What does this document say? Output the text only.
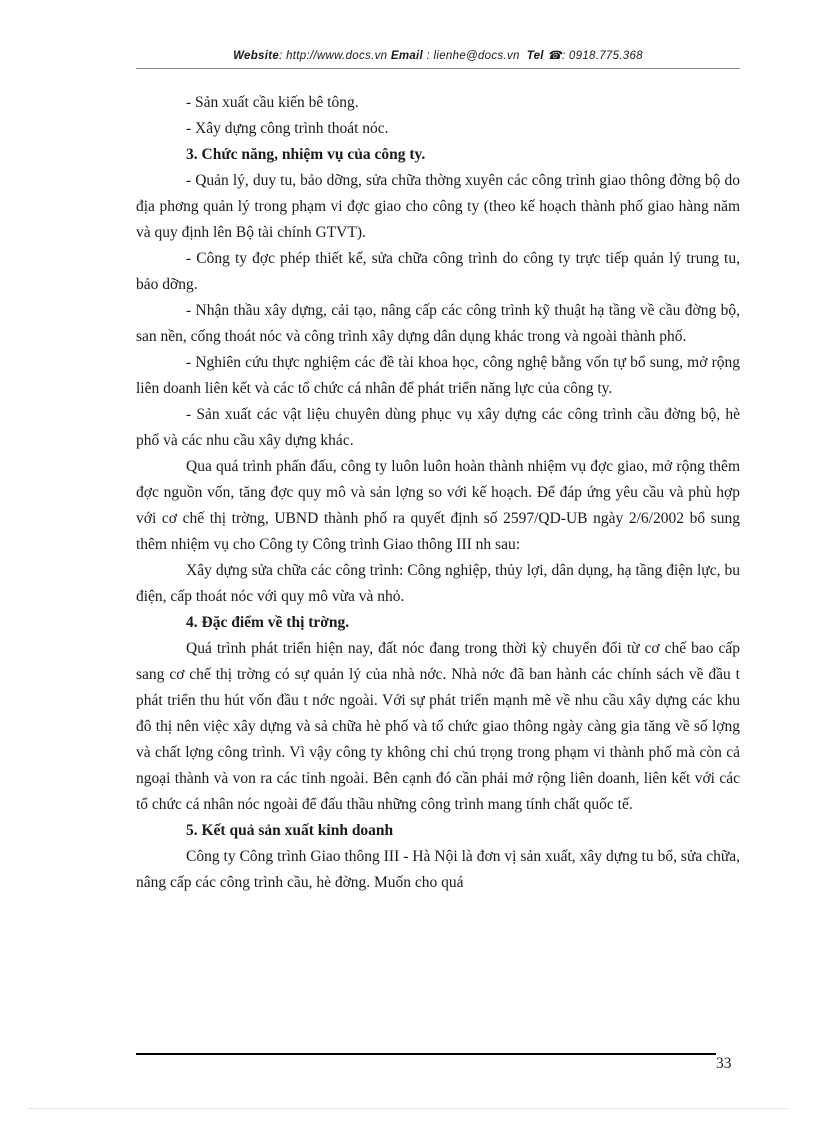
Website: http://www.docs.vn Email : lienhe@docs.vn Tel ☎: 0918.775.368

- Sản xuất cầu kiến bê tông.

- Xây dựng công trình thoát nóc.

3. Chức năng, nhiệm vụ của công ty.

- Quản lý, duy tu, bảo dỡng, sửa chữa thờng xuyên các công trình giao thông đờng bộ do địa phơng quản lý trong phạm vi đợc giao cho công ty (theo kế hoạch thành phố giao hàng năm và quy định lên Bộ tài chính GTVT).

- Công ty đợc phép thiết kế, sửa chữa công trình do công ty trực tiếp quản lý trung tu, bảo dỡng.

- Nhận thầu xây dựng, cải tạo, nâng cấp các công trình kỹ thuật hạ tầng về cầu đờng bộ, san nền, cống thoát nóc và công trình xây dựng dân dụng khác trong và ngoài thành phố.

- Nghiên cứu thực nghiệm các đề tài khoa học, công nghệ bằng vốn tự bổ sung, mở rộng liên doanh liên kết và các tổ chức cá nhân để phát triển năng lực của công ty.

- Sản xuất các vật liệu chuyên dùng phục vụ xây dựng các công trình cầu đờng bộ, hè phố và các nhu cầu xây dựng khác.

Qua quá trình phấn đấu, công ty luôn luôn hoàn thành nhiệm vụ đợc giao, mở rộng thêm đợc nguồn vốn, tăng đợc quy mô và sản lợng so với kế hoạch. Để đáp ứng yêu cầu và phù hợp với cơ chế thị trờng, UBND thành phố ra quyết định số 2597/QD-UB ngày 2/6/2002 bổ sung thêm nhiệm vụ cho Công ty Công trình Giao thông III nh sau:

Xây dựng sửa chữa các công trình: Công nghiệp, thủy lợi, dân dụng, hạ tầng điện lực, bu điện, cấp thoát nóc với quy mô vừa và nhỏ.

4. Đặc điểm về thị trờng.

Quá trình phát triển hiện nay, đất nóc đang trong thời kỳ chuyển đổi từ cơ chế bao cấp sang cơ chế thị trờng có sự quản lý của nhà nớc. Nhà nớc đã ban hành các chính sách về đầu t phát triển thu hút vốn đầu t nớc ngoài. Với sự phát triển mạnh mẽ về nhu cầu xây dựng các khu đô thị nên việc xây dựng và sả chữa hè phố và tổ chức giao thông ngày càng gia tăng về số lợng và chất lợng công trình. Vì vậy công ty không chỉ chú trọng trong phạm vi thành phố mà còn cả ngoại thành và von ra các tỉnh ngoài. Bên cạnh đó cần phải mở rộng liên doanh, liên kết với các tổ chức cá nhân nóc ngoài để đấu thầu những công trình mang tính chất quốc tế.

5. Kết quả sản xuất kinh doanh

Công ty Công trình Giao thông III - Hà Nội là đơn vị sản xuất, xây dựng tu bổ, sửa chữa, nâng cấp các công trình cầu, hè đờng. Muốn cho quá

33
